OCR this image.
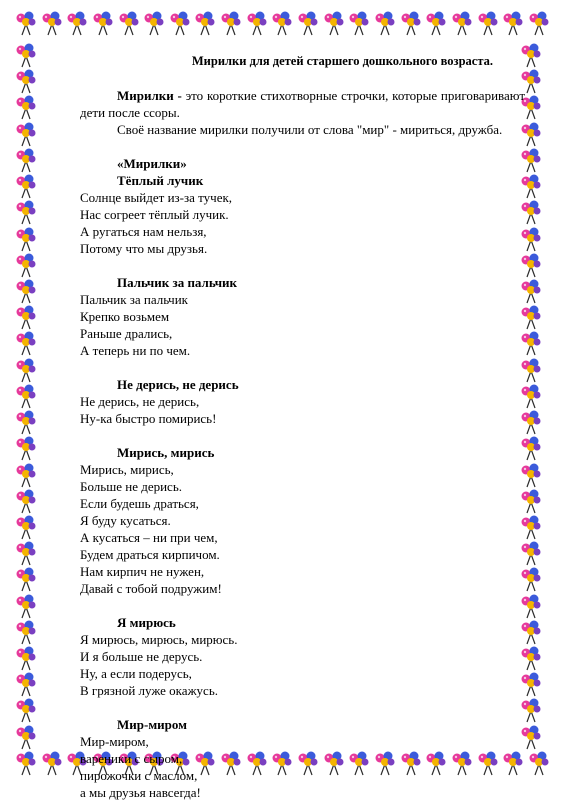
Мирилки для детей старшего дошкольного возраста.

Мирилки - это короткие стихотворные строчки, которые приговаривают дети после ссоры.

Своё название мирилки получили от слова "мир" - мириться, дружба.

«Мирилки»

Тёплый лучик

Солнце выйдет из-за тучек,

Нас согреет тёплый лучик.

А ругаться нам нельзя,

Потому что мы друзья.

Пальчик за пальчик

Пальчик за пальчик

Крепко возьмем

Раньше дрались,

А теперь ни по чем.

Не дерись, не дерись

Не дерись, не дерись,

Ну-ка быстро помирись!

Мирись, мирись

Мирись, мирись,

Больше не дерись.

Если будешь драться,

Я буду кусаться.

А кусаться – ни при чем,

Будем драться кирпичом.

Нам кирпич не нужен,

Давай с тобой подружим!

Я мирюсь

Я мирюсь, мирюсь, мирюсь.

И я больше не дерусь.

Ну, а если подерусь,

В грязной луже окажусь.

Мир-миром

Мир-миром,

вареники с сыром,

пирожочки с маслом,

а мы друзья навсегда!
